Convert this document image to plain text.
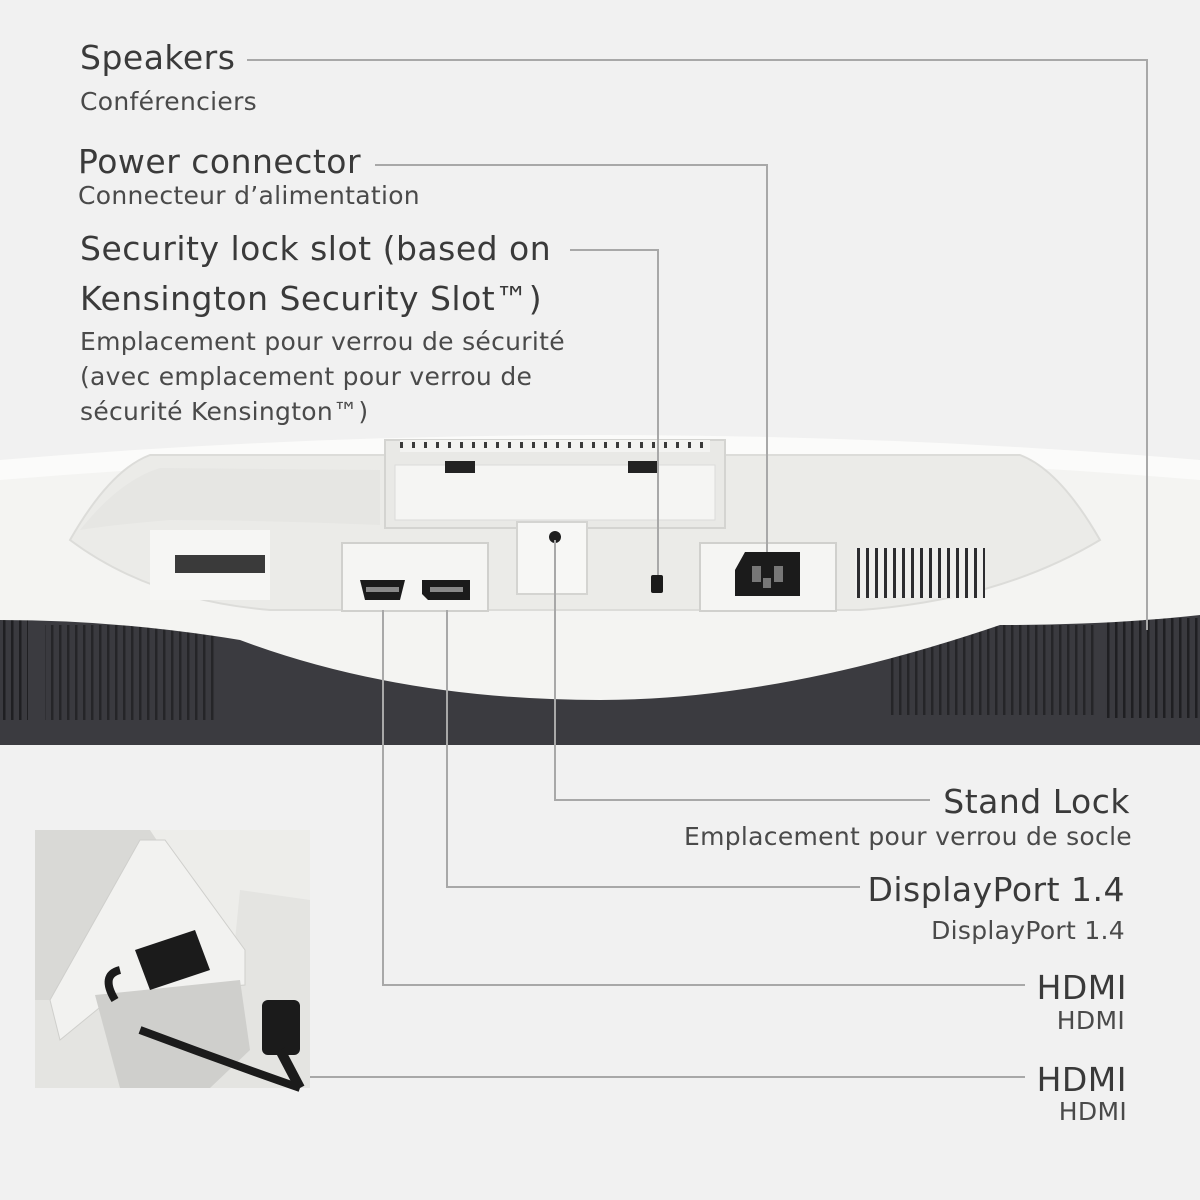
Speakers
Conférenciers
Power connector
Connecteur d’alimentation
Security lock slot (based on
Kensington Security Slot™)
Emplacement pour verrou de sécurité
(avec emplacement pour verrou de
sécurité Kensington™)
Stand Lock
Emplacement pour verrou de socle
DisplayPort 1.4
DisplayPort 1.4
HDMI
HDMI
HDMI
HDMI
